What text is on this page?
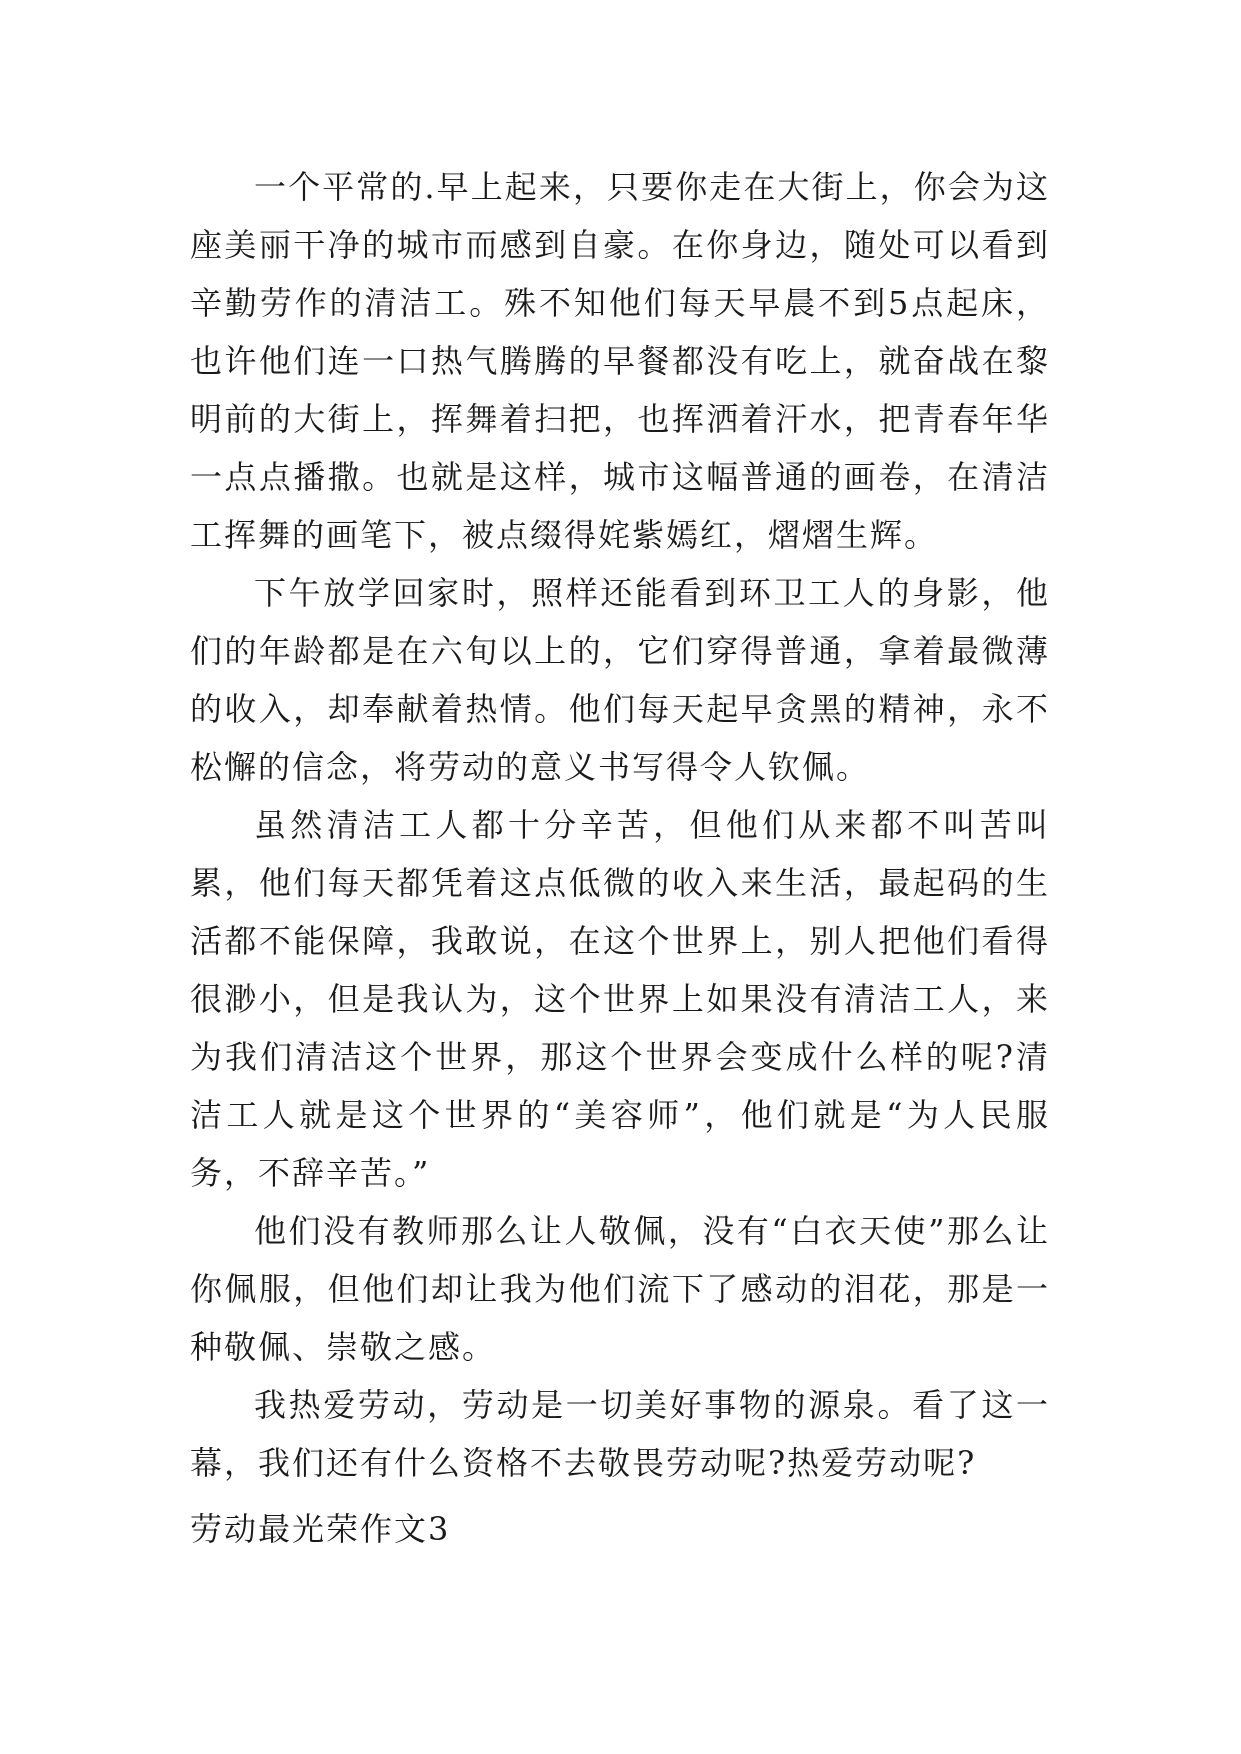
一个平常的.早上起来，只要你走在大街上，你会为这座美丽干净的城市而感到自豪。在你身边，随处可以看到辛勤劳作的清洁工。殊不知他们每天早晨不到5点起床，也许他们连一口热气腾腾的早餐都没有吃上，就奋战在黎明前的大街上，挥舞着扫把，也挥洒着汗水，把青春年华一点点播撒。也就是这样，城市这幅普通的画卷，在清洁工挥舞的画笔下，被点缀得姹紫嫣红，熠熠生辉。

下午放学回家时，照样还能看到环卫工人的身影，他们的年龄都是在六旬以上的，它们穿得普通，拿着最微薄的收入，却奉献着热情。他们每天起早贪黑的精神，永不松懈的信念，将劳动的意义书写得令人钦佩。

虽然清洁工人都十分辛苦，但他们从来都不叫苦叫累，他们每天都凭着这点低微的收入来生活，最起码的生活都不能保障，我敢说，在这个世界上，别人把他们看得很渺小，但是我认为，这个世界上如果没有清洁工人，来为我们清洁这个世界，那这个世界会变成什么样的呢?清洁工人就是这个世界的“美容师”，他们就是“为人民服务，不辞辛苦。”

他们没有教师那么让人敬佩，没有“白衣天使”那么让你佩服，但他们却让我为他们流下了感动的泪花，那是一种敬佩、崇敬之感。

我热爱劳动，劳动是一切美好事物的源泉。看了这一幕，我们还有什么资格不去敬畏劳动呢?热爱劳动呢?

劳动最光荣作文3
